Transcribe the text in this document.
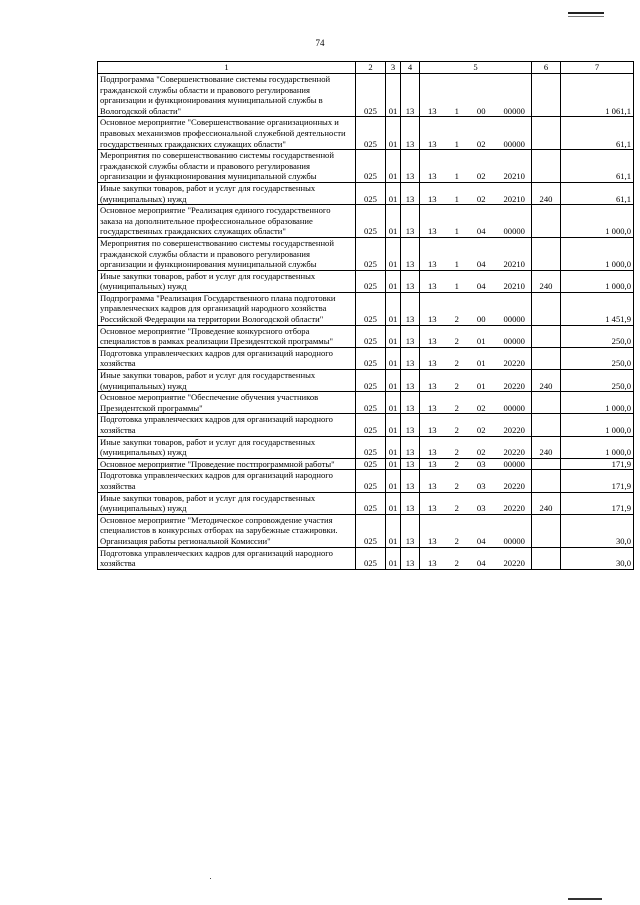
74
1	2	3	4	5	6	7
Подпрограмма "Совершенствование системы государственной гражданской службы области и правового регулирования организации и функционирования муниципальной службы в Вологодской области"	025	01	13	13 1 00 00000		1 061,1
Основное мероприятие "Совершенствование организационных и правовых механизмов профессиональной служебной деятельности государственных гражданских служащих области"	025	01	13	13 1 02 00000		61,1
Мероприятия по совершенствованию системы государственной гражданской службы области и правового регулирования организации и функционирования муниципальной службы	025	01	13	13 1 02 20210		61,1
Иные закупки товаров, работ и услуг для государственных (муниципальных) нужд	025	01	13	13 1 02 20210	240	61,1
Основное мероприятие "Реализация единого государственного заказа на дополнительное профессиональное образование государственных гражданских служащих области"	025	01	13	13 1 04 00000		1 000,0
Мероприятия по совершенствованию системы государственной гражданской службы области и правового регулирования организации и функционирования муниципальной службы	025	01	13	13 1 04 20210		1 000,0
Иные закупки товаров, работ и услуг для государственных (муниципальных) нужд	025	01	13	13 1 04 20210	240	1 000,0
Подпрограмма "Реализация Государственного плана подготовки управленческих кадров для организаций народного хозяйства Российской Федерации на территории Вологодской области"	025	01	13	13 2 00 00000		1 451,9
Основное мероприятие "Проведение конкурсного отбора специалистов в рамках реализации Президентской программы"	025	01	13	13 2 01 00000		250,0
Подготовка управленческих кадров для организаций народного хозяйства	025	01	13	13 2 01 20220		250,0
Иные закупки товаров, работ и услуг для государственных (муниципальных) нужд	025	01	13	13 2 01 20220	240	250,0
Основное мероприятие "Обеспечение обучения участников Президентской программы"	025	01	13	13 2 02 00000		1 000,0
Подготовка управленческих кадров для организаций народного хозяйства	025	01	13	13 2 02 20220		1 000,0
Иные закупки товаров, работ и услуг для государственных (муниципальных) нужд	025	01	13	13 2 02 20220	240	1 000,0
Основное мероприятие "Проведение постпрограммной работы"	025	01	13	13 2 03 00000		171,9
Подготовка управленческих кадров для организаций народного хозяйства	025	01	13	13 2 03 20220		171,9
Иные закупки товаров, работ и услуг для государственных (муниципальных) нужд	025	01	13	13 2 03 20220	240	171,9
Основное мероприятие "Методическое сопровождение участия специалистов в конкурсных отборах на зарубежные стажировки. Организация работы региональной Комиссии"	025	01	13	13 2 04 00000		30,0
Подготовка управленческих кадров для организаций народного хозяйства	025	01	13	13 2 04 20220		30,0
